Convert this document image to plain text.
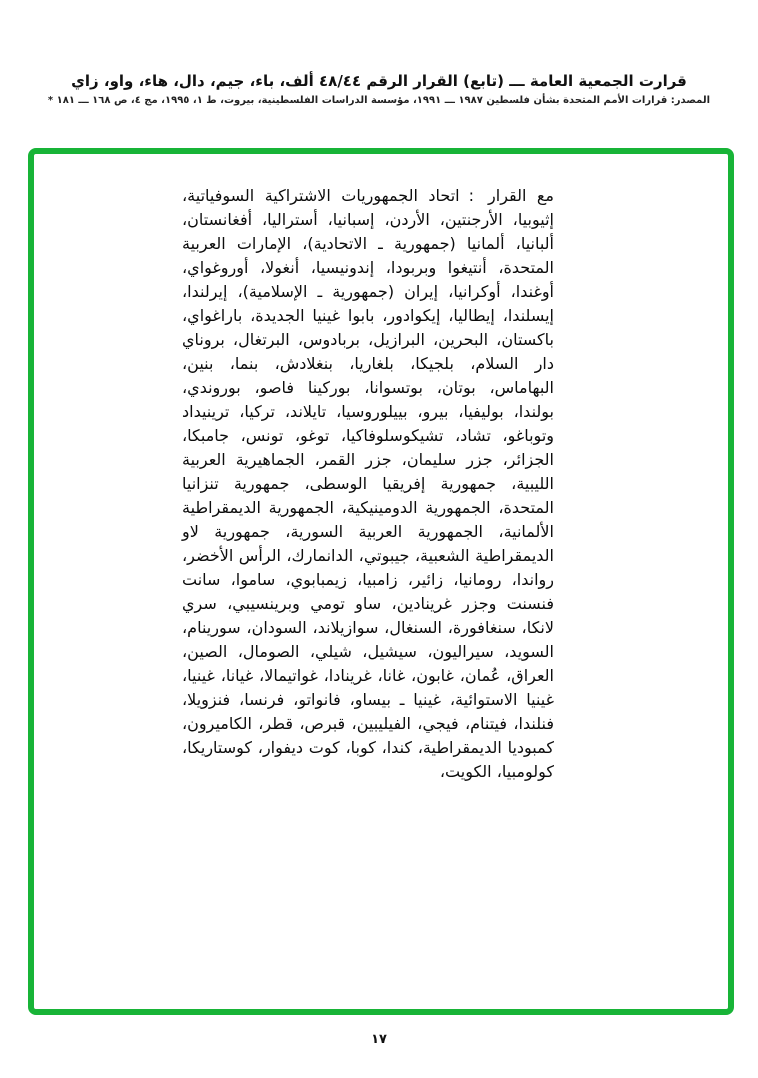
قرارت الجمعية العامة ـــ (تابع) القرار الرقم ٤٨/٤٤ ألف، باء، جيم، دال، هاء، واو، زاي
المصدر: قرارات الأمم المتحدة بشأن فلسطين ١٩٨٧ ـــ ١٩٩١، مؤسسة الدراسات الفلسطينية، بيروت، ط ١، ١٩٩٥، مج ٤، ص ١٦٨ ـــ ١٨١ *

مع القرار:اتحاد الجمهوريات الاشتراكية السوفياتية، إثيوبيا، الأرجنتين، الأردن، إسبانيا، أستراليا، أفغانستان، ألبانيا، ألمانيا (جمهورية ـ الاتحادية)، الإمارات العربية المتحدة، أنتيغوا وبربودا، إندونيسيا، أنغولا، أوروغواي، أوغندا، أوكرانيا، إيران (جمهورية ـ الإسلامية)، إيرلندا، إيسلندا، إيطاليا، إيكوادور، بابوا غينيا الجديدة، باراغواي، باكستان، البحرين، البرازيل، بربادوس، البرتغال، بروناي دار السلام، بلجيكا، بلغاريا، بنغلادش، بنما، بنين، البهاماس، بوتان، بوتسوانا، بوركينا فاصو، بوروندي، بولندا، بوليفيا، بيرو، بييلوروسيا، تايلاند، تركيا، ترينيداد وتوباغو، تشاد، تشيكوسلوفاكيا، توغو، تونس، جامبكا، الجزائر، جزر سليمان، جزر القمر، الجماهيرية العربية الليبية، جمهورية إفريقيا الوسطى، جمهورية تنزانيا المتحدة، الجمهورية الدومينيكية، الجمهورية الديمقراطية الألمانية، الجمهورية العربية السورية، جمهورية لاو الديمقراطية الشعبية، جيبوتي، الدانمارك، الرأس الأخضر، رواندا، رومانيا، زائير، زامبيا، زيمبابوي، ساموا، سانت فنسنت وجزر غرينادين، ساو تومي وبرينسيبي، سري لانكا، سنغافورة، السنغال، سوازيلاند، السودان، سورينام، السويد، سيراليون، سيشيل، شيلي، الصومال، الصين، العراق، عُمان، غابون، غانا، غرينادا، غواتيمالا، غيانا، غينيا، غينيا الاستوائية، غينيا ـ بيساو، فانواتو، فرنسا، فنزويلا، فنلندا، فيتنام، فيجي، الفيليبين، قبرص، قطر، الكاميرون، كمبوديا الديمقراطية، كندا، كوبا، كوت ديفوار، كوستاريكا، كولومبيا، الكويت،

١٧
